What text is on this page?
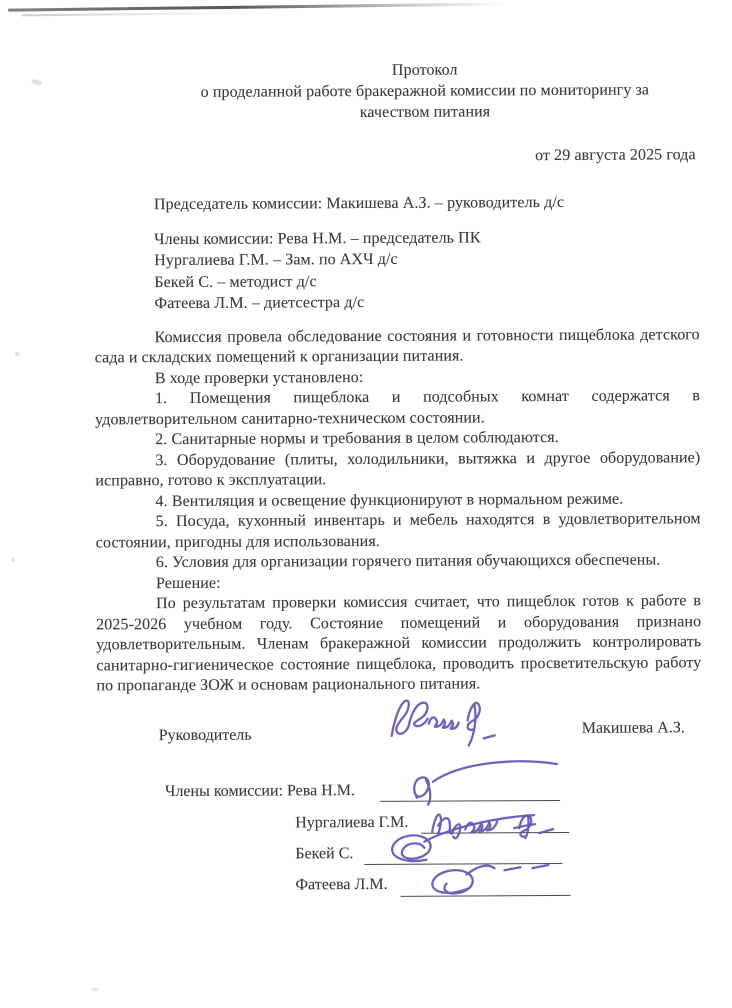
Протокол
о проделанной работе бракеражной комиссии по мониторингу за
качеством питания
от 29 августа 2025 года
Председатель комиссии: Макишева А.З. – руководитель д/с
Члены комиссии: Рева Н.М. – председатель ПК
Нургалиева Г.М. – Зам. по АХЧ д/с
Бекей С. – методист д/с
Фатеева Л.М. – диетсестра д/с

Комиссия провела обследование состояния и готовности пищеблока детского сада и складских помещений к организации питания.

В ходе проверки установлено:

1. Помещения пищеблока и подсобных комнат содержатся в удовлетворительном санитарно-техническом состоянии.

2. Санитарные нормы и требования в целом соблюдаются.

3. Оборудование (плиты, холодильники, вытяжка и другое оборудование) исправно, готово к эксплуатации.

4. Вентиляция и освещение функционируют в нормальном режиме.

5. Посуда, кухонный инвентарь и мебель находятся в удовлетворительном состоянии, пригодны для использования.

6. Условия для организации горячего питания обучающихся обеспечены.

Решение:

По результатам проверки комиссия считает, что пищеблок готов к работе в 2025-2026 учебном году. Состояние помещений и оборудования признано удовлетворительным. Членам бракеражной комиссии продолжить контролировать санитарно-гигиеническое состояние пищеблока, проводить просветительскую работу по пропаганде ЗОЖ и основам рационального питания.

Руководитель	Макишева А.З.
Члены комиссии: Рева Н.М.
Нургалиева Г.М.
Бекей С.
Фатеева Л.М.
